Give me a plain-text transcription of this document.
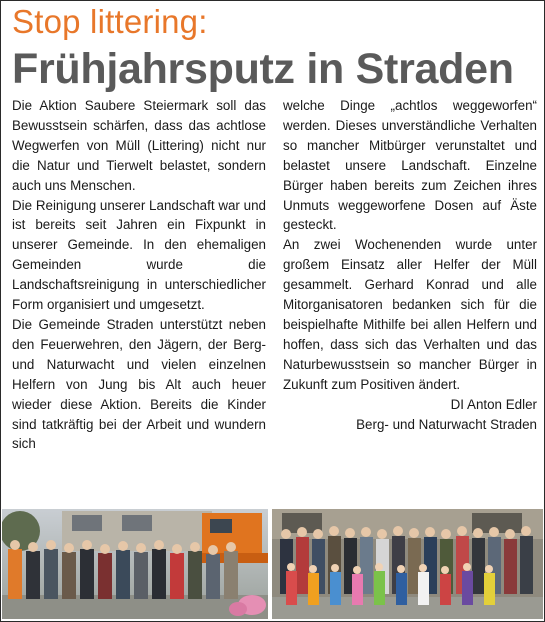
Stop littering:
Frühjahrsputz in Straden

Die Aktion Saubere Steiermark soll das Bewusstsein schärfen, dass das achtlose Wegwerfen von Müll (Littering) nicht nur die Natur und Tierwelt belastet, sondern auch uns Menschen.

Die Reinigung unserer Landschaft war und ist bereits seit Jahren ein Fixpunkt in unserer Gemeinde. In den ehemaligen Gemeinden wurde die Landschaftsreinigung in unterschiedlicher Form organisiert und umgesetzt.

Die Gemeinde Straden unterstützt neben den Feuerwehren, den Jägern, der Berg- und Naturwacht und vielen einzelnen Helfern von Jung bis Alt auch heuer wieder diese Aktion. Bereits die Kinder sind tatkräftig bei der Arbeit und wundern sich

welche Dinge „achtlos weggeworfen“ werden. Dieses unverständliche Verhalten so mancher Mitbürger verunstaltet und belastet unsere Landschaft. Einzelne Bürger haben bereits zum Zeichen ihres Unmuts weggeworfene Dosen auf Äste gesteckt.

An zwei Wochenenden wurde unter großem Einsatz aller Helfer der Müll gesammelt. Gerhard Konrad und alle Mitorganisatoren bedanken sich für die beispielhafte Mithilfe bei allen Helfern und hoffen, dass sich das Verhalten und das Naturbewusstsein so mancher Bürger in Zukunft zum Positiven ändert.

DI Anton Edler

Berg- und Naturwacht Straden
